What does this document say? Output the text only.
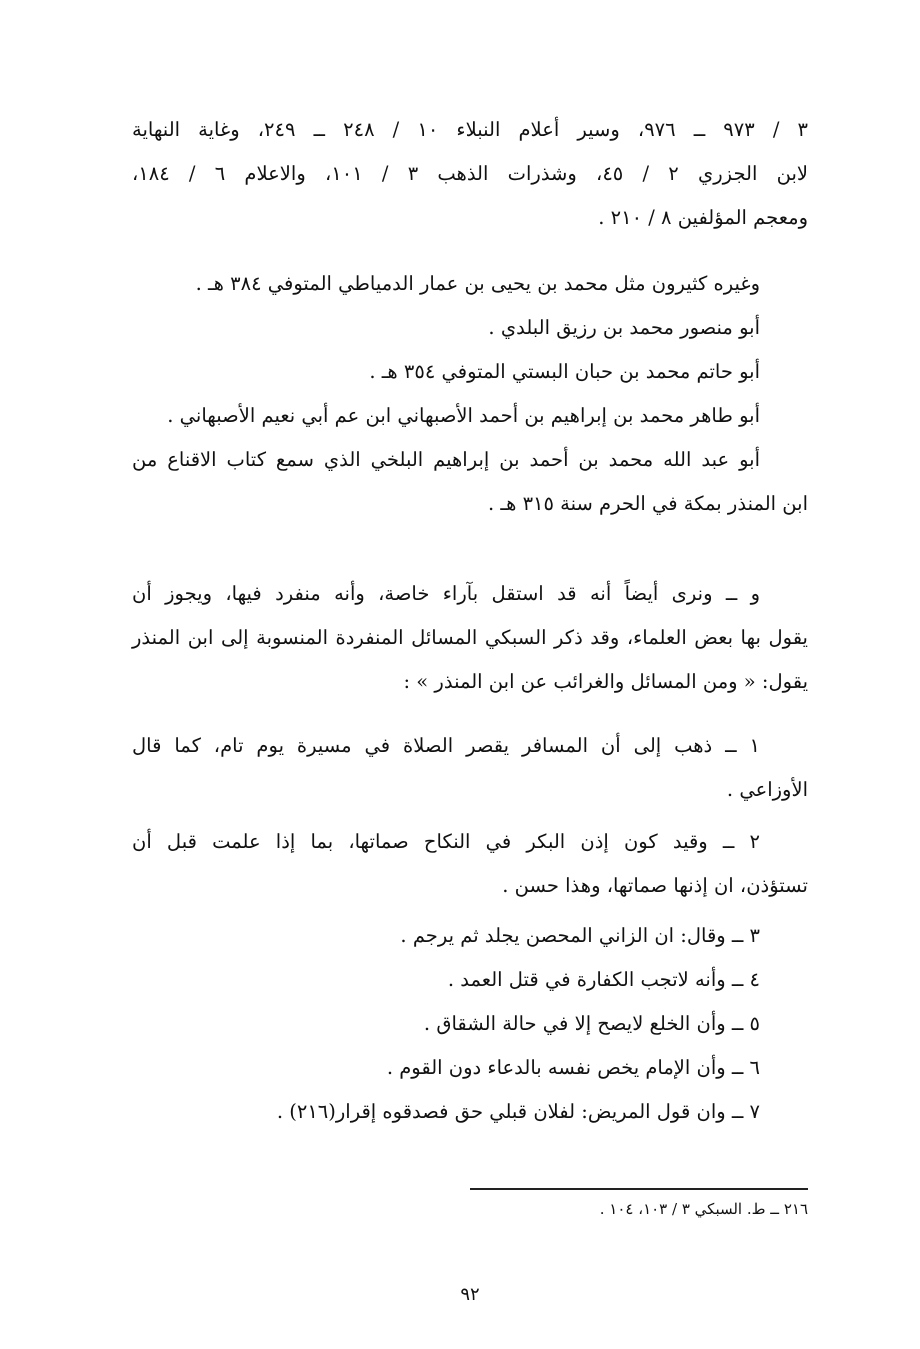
٣ / ٩٧٣ ــ ٩٧٦، وسير أعلام النبلاء ١٠ / ٢٤٨ ــ ٢٤٩، وغاية النهاية
لابن الجزري ٢ / ٤٥، وشذرات الذهب ٣ / ١٠١، والاعلام ٦ / ١٨٤،
ومعجم المؤلفين ٨ / ٢١٠ .
وغيره كثيرون مثل محمد بن يحيى بن عمار الدمياطي المتوفي ٣٨٤ هـ .
أبو منصور محمد بن رزيق البلدي .
أبو حاتم محمد بن حبان البستي المتوفي ٣٥٤ هـ .
أبو طاهر محمد بن إبراهيم بن أحمد الأصبهاني ابن عم أبي نعيم الأصبهاني .
أبو عبد الله محمد بن أحمد بن إبراهيم البلخي الذي سمع كتاب الاقناع من
ابن المنذر بمكة في الحرم سنة ٣١٥ هـ .
و ــ ونرى أيضاً أنه قد استقل بآراء خاصة، وأنه منفرد فيها، ويجوز أن
يقول بها بعض العلماء، وقد ذكر السبكي المسائل المنفردة المنسوبة إلى ابن المنذر
يقول: « ومن المسائل والغرائب عن ابن المنذر » :
١ ــ ذهب إلى أن المسافر يقصر الصلاة في مسيرة يوم تام، كما قال
الأوزاعي .
٢ ــ وقيد كون إذن البكر في النكاح صماتها، بما إذا علمت قبل أن
تستؤذن، ان إذنها صماتها، وهذا حسن .
٣ ــ وقال: ان الزاني المحصن يجلد ثم يرجم .
٤ ــ وأنه لاتجب الكفارة في قتل العمد .
٥ ــ وأن الخلع لايصح إلا في حالة الشقاق .
٦ ــ وأن الإمام يخص نفسه بالدعاء دون القوم .
٧ ــ وان قول المريض: لفلان قبلي حق فصدقوه إقرار(٢١٦) .
٢١٦ ــ ط. السبكي ٣ / ١٠٣، ١٠٤ .
٩٢
